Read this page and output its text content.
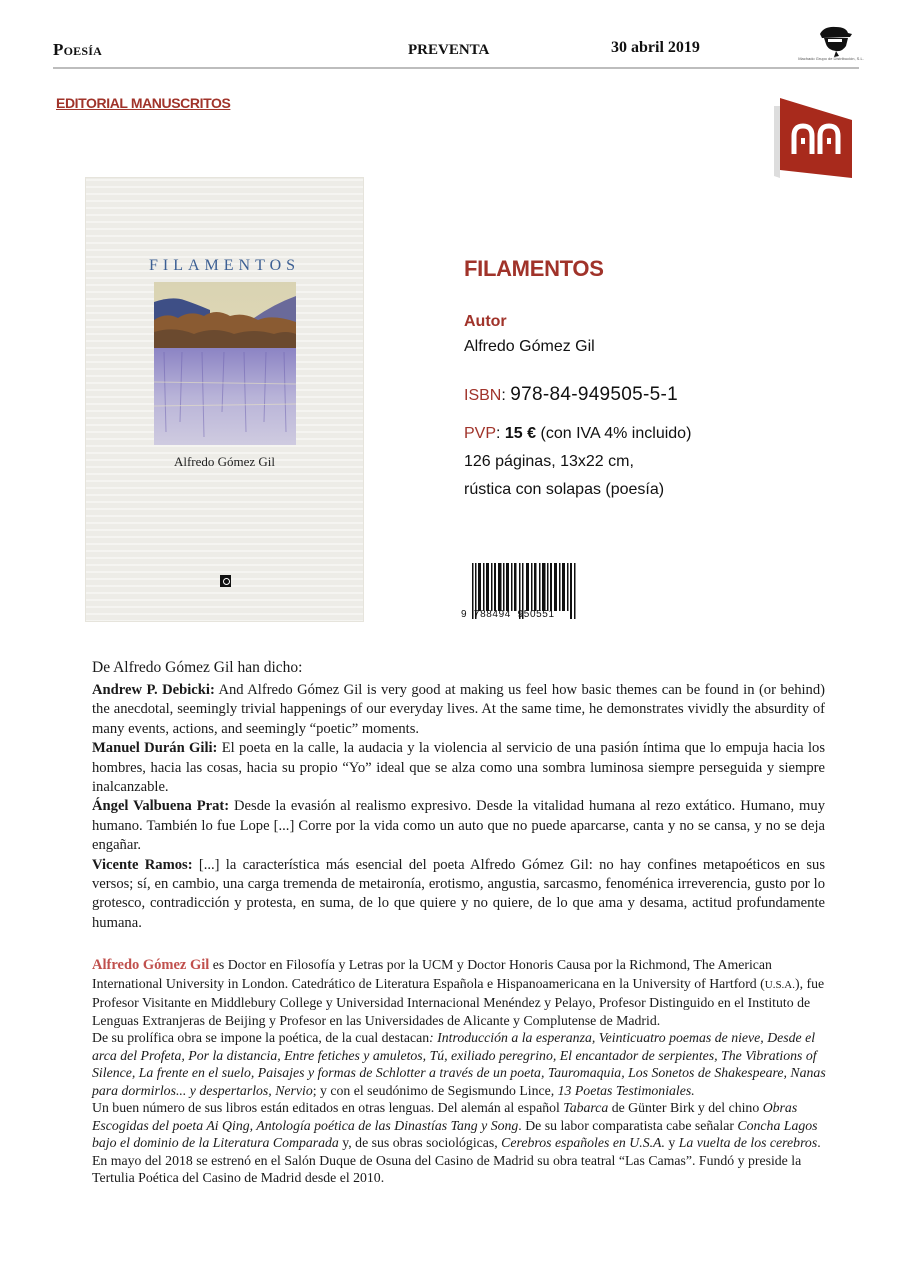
Poesía	PREVENTA	30 abril 2019
Machado Grupo de Distribución, S.L.
EDITORIAL MANUSCRITOS
FILAMENTOS
Alfredo Gómez Gil
FILAMENTOS
Autor
Alfredo Gómez Gil
ISBN: 978-84-949505-5-1
PVP: 15 € (con IVA 4% incluido)
126 páginas, 13x22 cm,
rústica con solapas (poesía)
9  788494  950551
De Alfredo Gómez Gil han dicho:

Andrew P. Debicki: And Alfredo Gómez Gil is very good at making us feel how basic themes can be found in (or behind) the anecdotal, seemingly trivial happenings of our everyday lives. At the same time, he demonstrates vividly the absurdity of many events, actions, and seemingly “poetic” moments.

Manuel Durán Gili: El poeta en la calle, la audacia y la violencia al servicio de una pasión íntima que lo empuja hacia los hombres, hacia las cosas, hacia su propio “Yo” ideal que se alza como una sombra luminosa siempre perseguida y siempre inalcanzable.

Ángel Valbuena Prat: Desde la evasión al realismo expresivo. Desde la vitalidad humana al rezo extático. Humano, muy humano. También lo fue Lope [...] Corre por la vida como un auto que no puede aparcarse, canta y no se cansa, y no se deja engañar.

Vicente Ramos: [...] la característica más esencial del poeta Alfredo Gómez Gil: no hay confines metapoéticos en sus versos; sí, en cambio, una carga tremenda de metaironía, erotismo, angustia, sarcasmo, fenoménica irreverencia, gusto por lo grotesco, contradicción y protesta, en suma, de lo que quiere y no quiere, de lo que ama y desama, actitud profundamente humana.

Alfredo Gómez Gil es Doctor en Filosofía y Letras por la UCM y Doctor Honoris Causa por la Richmond, The American International University in London. Catedrático de Literatura Española e Hispanoamericana en la University of Hartford (U.S.A.), fue Profesor Visitante en Middlebury College y Universidad Internacional Menéndez y Pelayo, Profesor Distinguido en el Instituto de Lenguas Extranjeras de Beijing y Profesor en las Universidades de Alicante y Complutense de Madrid.

De su prolífica obra se impone la poética, de la cual destacan: Introducción a la esperanza, Veinticuatro poemas de nieve, Desde el arca del Profeta, Por la distancia, Entre fetiches y amuletos, Tú, exiliado peregrino, El encantador de serpientes, The Vibrations of Silence, La frente en el suelo, Paisajes y formas de Schlotter a través de un poeta, Tauromaquia, Los Sonetos de Shakespeare, Nanas para dormirlos... y despertarlos, Nervio; y con el seudónimo de Segismundo Lince, 13 Poetas Testimoniales.

Un buen número de sus libros están editados en otras lenguas. Del alemán al español Tabarca de Günter Birk y del chino Obras Escogidas del poeta Ai Qing, Antología poética de las Dinastías Tang y Song. De su labor comparatista cabe señalar Concha Lagos bajo el dominio de la Literatura Comparada y, de sus obras sociológicas, Cerebros españoles en U.S.A. y La vuelta de los cerebros. En mayo del 2018 se estrenó en el Salón Duque de Osuna del Casino de Madrid su obra teatral “Las Camas”. Fundó y preside la Tertulia Poética del Casino de Madrid desde el 2010.
